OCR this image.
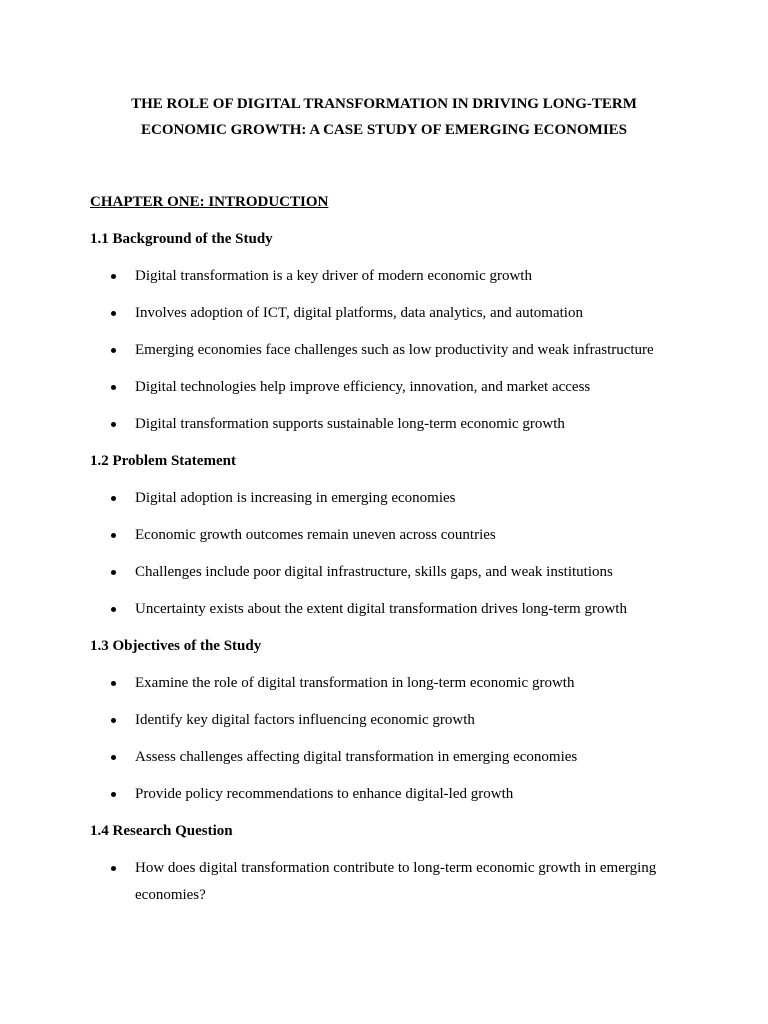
THE ROLE OF DIGITAL TRANSFORMATION IN DRIVING LONG-TERM
ECONOMIC GROWTH: A CASE STUDY OF EMERGING ECONOMIES
CHAPTER ONE: INTRODUCTION
1.1 Background of the Study
Digital transformation is a key driver of modern economic growth
Involves adoption of ICT, digital platforms, data analytics, and automation
Emerging economies face challenges such as low productivity and weak infrastructure
Digital technologies help improve efficiency, innovation, and market access
Digital transformation supports sustainable long-term economic growth
1.2 Problem Statement
Digital adoption is increasing in emerging economies
Economic growth outcomes remain uneven across countries
Challenges include poor digital infrastructure, skills gaps, and weak institutions
Uncertainty exists about the extent digital transformation drives long-term growth
1.3 Objectives of the Study
Examine the role of digital transformation in long-term economic growth
Identify key digital factors influencing economic growth
Assess challenges affecting digital transformation in emerging economies
Provide policy recommendations to enhance digital-led growth
1.4 Research Question
How does digital transformation contribute to long-term economic growth in emerging economies?
